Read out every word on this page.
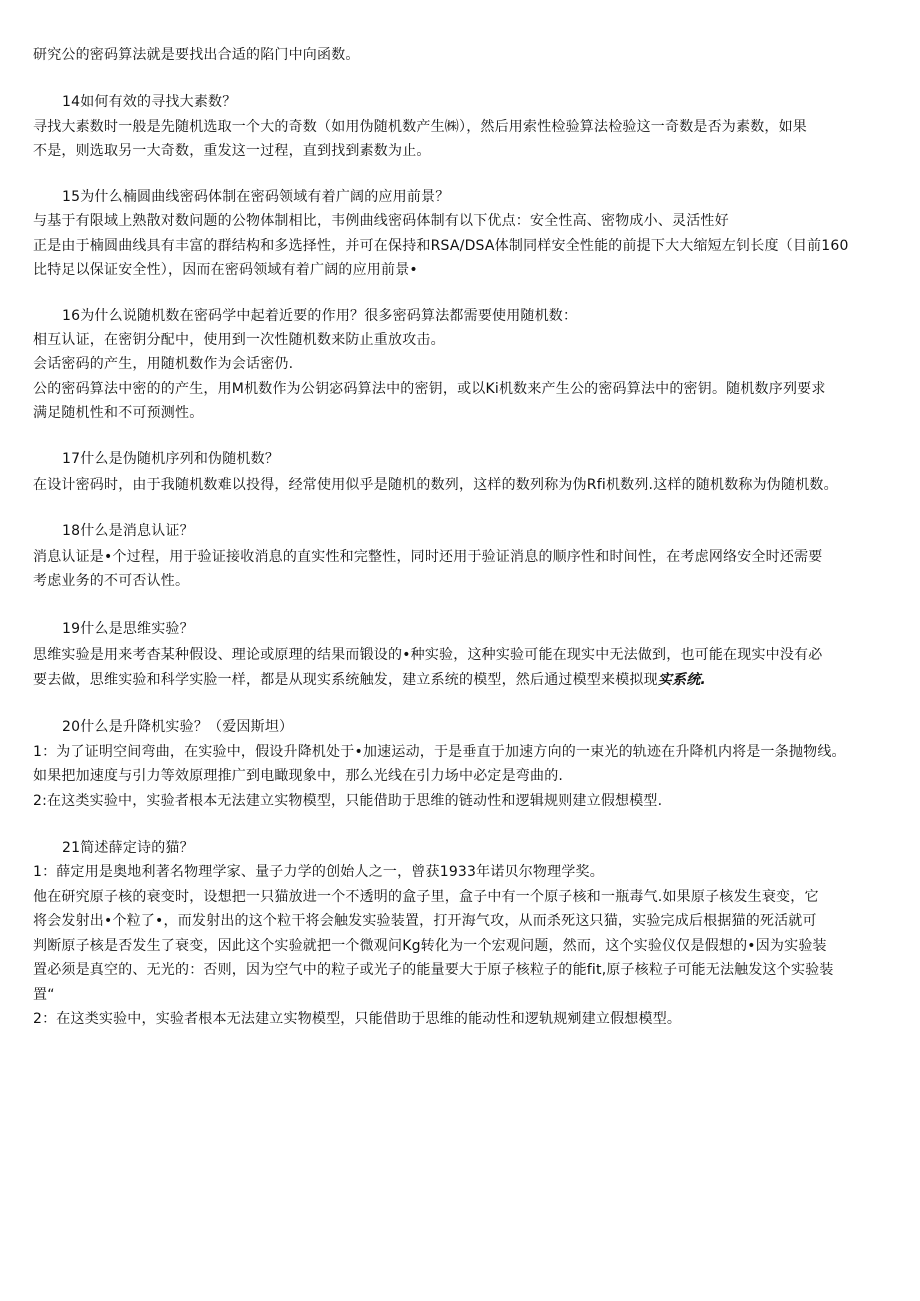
研究公的密码算法就是要找出合适的陷门中向函数。

14如何有效的寻找大素数？

寻找大素数时一般是先随机选取一个大的奇数（如用伪随机数产生㈱），然后用索性检验算法检验这一奇数是否为素数，如果

不是，则选取另一大奇数，重发这一过程，直到找到素数为止。

15为什么楠圆曲线密码体制在密码领域有着广阔的应用前景？

与基于有限域上熟散对数问题的公物体制相比，韦例曲线密码体制有以下优点：安全性高、密物成小、灵活性好

正是由于楠圆曲线具有丰富的群结构和多选择性，并可在保持和RSA/DSA体制同样安全性能的前提下大大缩短左钊长度（目前160

比特足以保证安全性），因而在密码领域有着广阔的应用前景•

16为什么说随机数在密码学中起着近要的作用？很多密码算法都需要使用随机数：

相互认证，在密钥分配中，使用到一次性随机数来防止重放攻击。

会话密码的产生，用随机数作为会话密仍.

公的密码算法中密的的产生，用M机数作为公钥宓码算法中的密钥，或以Ki机数来产生公的密码算法中的密钥。随机数序列要求

满足随机性和不可预测性。

17什么是伪随机序列和伪随机数？

在设计密码时，由于我随机数难以投得，经常使用似乎是随机的数列，这样的数列称为伪Rfi机数列.这样的随机数称为伪随机数。

18什么是消息认证？

消息认证是•个过程，用于验证接收消息的直实性和完整性，同时还用于验证消息的顺序性和时间性，在考虑网络安全时还需要

考虑业务的不可否认性。

19什么是思维实验？

思维实验是用来考杳某种假设、理论或原理的结果而锻设的•种实验，这种实验可能在现实中无法做到，也可能在现实中没有必

要去做，思维实验和科学实脸一样，都是从现实系统触发，建立系统的模型，然后通过模型来模拟现实系统.

20什么是升降机实验？（爱因斯坦）

1：为了证明空间弯曲，在实验中，假设升降机处于•加速运动，于是垂直于加速方向的一束光的轨迹在升降机内将是一条抛物线。

如果把加速度与引力等效原理推广到电瞰现象中，那么光线在引力场中必定是弯曲的.

2:在这类实验中，实验者根本无法建立实物模型，只能借助于思维的链动性和逻辑规则建立假想模型.

21简述薛定诗的猫？

1：薛定用是奥地利著名物理学家、量子力学的创始人之一，曾获1933年诺贝尔物理学奖。

他在研究原子核的衰变时，设想把一只猫放进一个不透明的盒子里，盒子中有一个原子核和一瓶毒气.如果原子核发生衰变，它

将会发射出•个粒了•，而发射出的这个粒干将会触发实验装置，打开海气攻，从而杀死这只猫，实验完成后根据猫的死活就可

判断原子核是否发生了衰变，因此这个实验就把一个微观问Kg转化为一个宏观问题，然而，这个实验仪仅是假想的•因为实验装

置必须是真空的、无光的：否则，因为空气中的粒子或光子的能量要大于原子核粒子的能fit,原子核粒子可能无法触发这个实验装

置“

2：在这类实验中，实验者根本无法建立实物模型，只能借助于思维的能动性和逻轨规剜建立假想模型。
